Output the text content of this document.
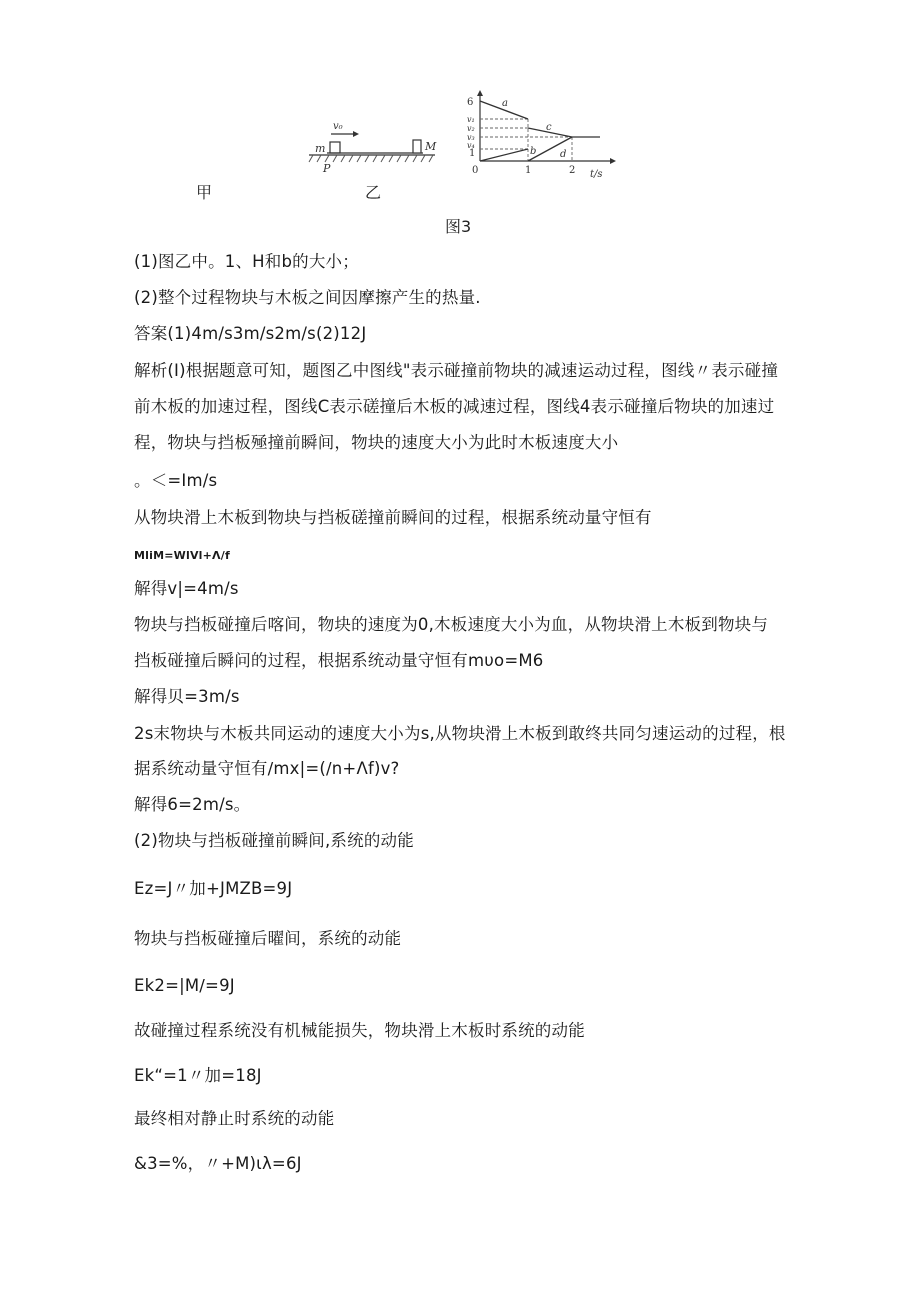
v₀
m
P
M
6
v₁
v₂
v₃
v₄
1
0	1	2 t/s
a
b
c
d
甲	乙
图3
(1)图乙中。1、H和b的大小；
(2)整个过程物块与木板之间因摩擦产生的热量.
答案(1)4m/s3m/s2m/s(2)12J
解析(I)根据题意可知，题图乙中图线"表示碰撞前物块的减速运动过程，图线〃表示碰撞
前木板的加速过程，图线C表示磋撞后木板的减速过程，图线4表示碰撞后物块的加速过
程，物块与挡板殛撞前瞬间，物块的速度大小为此时木板速度大小
。＜=Im/s
从物块滑上木板到物块与挡板磋撞前瞬间的过程，根据系统动量守恒有
MliM=WlVl+Λ/f
解得v|=4m/s
物块与挡板碰撞后喀间，物块的速度为0,木板速度大小为血，从物块滑上木板到物块与
挡板碰撞后瞬问的过程，根据系统动量守恒有mυo=M6
解得贝=3m/s
2s末物块与木板共同运动的速度大小为s,从物块滑上木板到敢终共同匀速运动的过程，根
据系统动量守恒有∕mx|=(∕n+Λf)v?
解得6=2m/s。
(2)物块与挡板碰撞前瞬间,系统的动能
Ez=J〃加+JMZB=9J
物块与挡板碰撞后曜间，系统的动能
Ek2=|M∕=9J
故碰撞过程系统没有机械能损失，物块滑上木板时系统的动能
Ek“=1〃加=18J
最终相对静止时系统的动能
&3=%，〃+M)ιλ=6J
